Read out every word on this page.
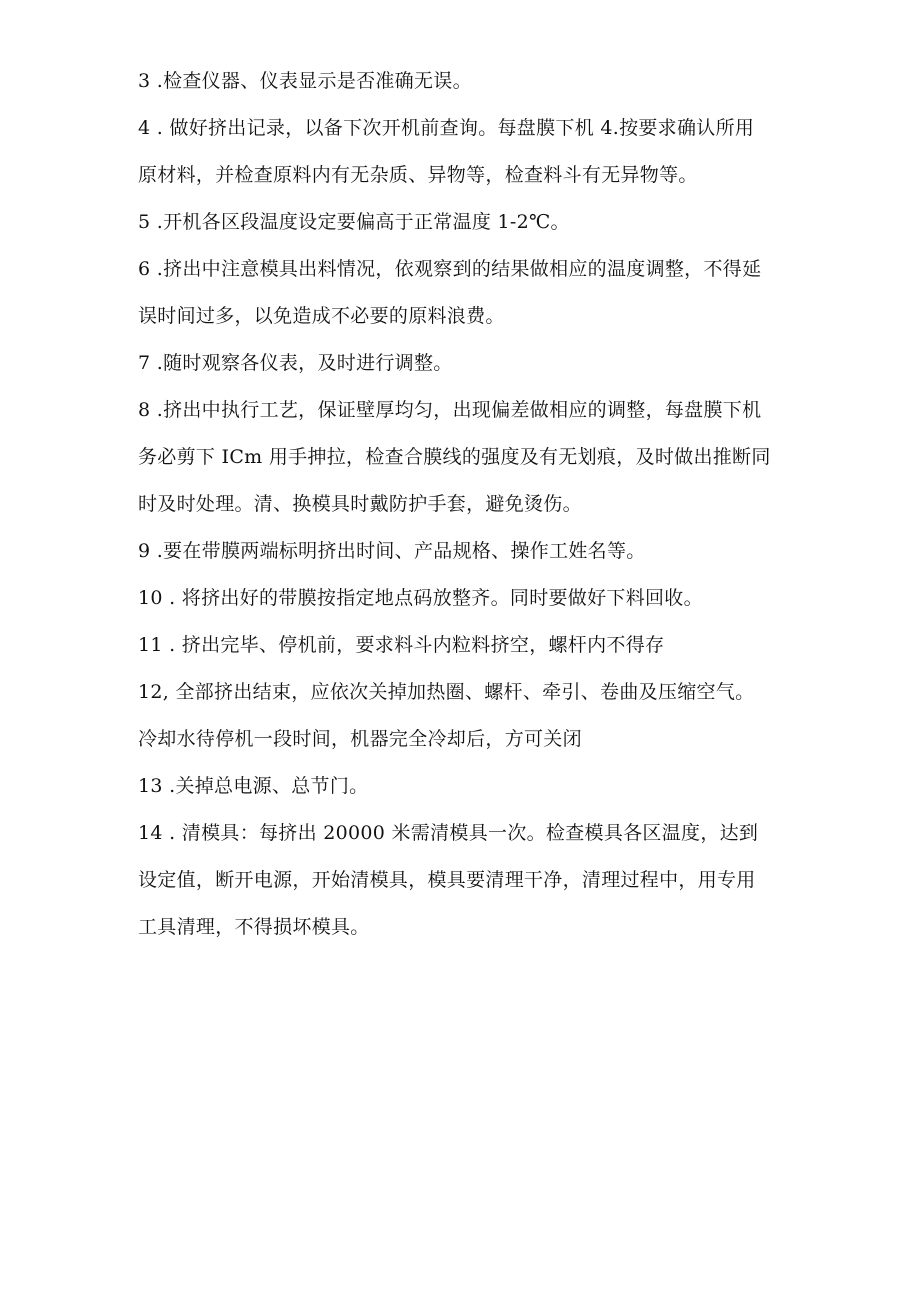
3 .检查仪器、仪表显示是否准确无误。
4 . 做好挤出记录，以备下次开机前查询。每盘膜下机 4.按要求确认所用
原材料，并检查原料内有无杂质、异物等，检查料斗有无异物等。
5 .开机各区段温度设定要偏高于正常温度 1-2℃。
6 .挤出中注意模具出料情况，依观察到的结果做相应的温度调整，不得延
误时间过多，以免造成不必要的原料浪费。
7 .随时观察各仪表，及时进行调整。
8 .挤出中执行工艺，保证壁厚均匀，出现偏差做相应的调整，每盘膜下机
务必剪下 ICm 用手抻拉，检查合膜线的强度及有无划痕，及时做出推断同
时及时处理。清、换模具时戴防护手套，避免烫伤。
9 .要在带膜两端标明挤出时间、产品规格、操作工姓名等。
10 . 将挤出好的带膜按指定地点码放整齐。同时要做好下料回收。
11 . 挤出完毕、停机前，要求料斗内粒料挤空，螺杆内不得存
12, 全部挤出结束，应依次关掉加热圈、螺杆、牵引、卷曲及压缩空气。
冷却水待停机一段时间，机器完全冷却后，方可关闭
13 .关掉总电源、总节门。
14 . 清模具：每挤出 20000 米需清模具一次。检查模具各区温度，达到
设定值，断开电源，开始清模具，模具要清理干净，清理过程中，用专用
工具清理，不得损坏模具。
